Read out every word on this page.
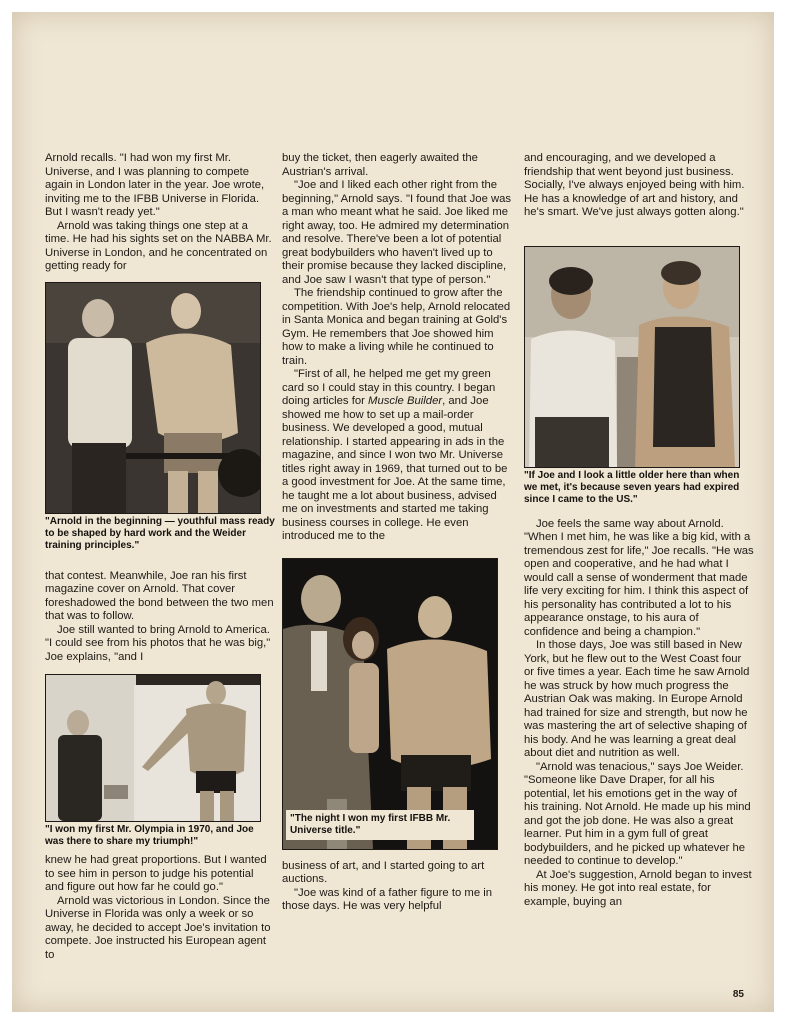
Arnold recalls. "I had won my first Mr. Universe, and I was planning to compete again in London later in the year. Joe wrote, inviting me to the IFBB Universe in Florida. But I wasn't ready yet."

Arnold was taking things one step at a time. He had his sights set on the NABBA Mr. Universe in London, and he concentrated on getting ready for

"Arnold in the beginning — youthful mass ready to be shaped by hard work and the Weider training principles."

that contest. Meanwhile, Joe ran his first magazine cover on Arnold. That cover foreshadowed the bond between the two men that was to follow.

Joe still wanted to bring Arnold to America. "I could see from his photos that he was big," Joe explains, "and I

"I won my first Mr. Olympia in 1970, and Joe was there to share my triumph!"

knew he had great proportions. But I wanted to see him in person to judge his potential and figure out how far he could go."

Arnold was victorious in London. Since the Universe in Florida was only a week or so away, he decided to accept Joe's invitation to compete. Joe instructed his European agent to

buy the ticket, then eagerly awaited the Austrian's arrival.

"Joe and I liked each other right from the beginning," Arnold says. "I found that Joe was a man who meant what he said. Joe liked me right away, too. He admired my determination and resolve. There've been a lot of potential great bodybuilders who haven't lived up to their promise because they lacked discipline, and Joe saw I wasn't that type of person."

The friendship continued to grow after the competition. With Joe's help, Arnold relocated in Santa Monica and began training at Gold's Gym. He remembers that Joe showed him how to make a living while he continued to train.

"First of all, he helped me get my green card so I could stay in this country. I began doing articles for Muscle Builder, and Joe showed me how to set up a mail-order business. We developed a good, mutual relationship. I started appearing in ads in the magazine, and since I won two Mr. Universe titles right away in 1969, that turned out to be a good investment for Joe. At the same time, he taught me a lot about business, advised me on investments and started me taking business courses in college. He even introduced me to the

"The night I won my first IFBB Mr. Universe title."

business of art, and I started going to art auctions.

"Joe was kind of a father figure to me in those days. He was very helpful

and encouraging, and we developed a friendship that went beyond just business. Socially, I've always enjoyed being with him. He has a knowledge of art and history, and he's smart. We've just always gotten along."

"If Joe and I look a little older here than when we met, it's because seven years had expired since I came to the US."

Joe feels the same way about Arnold. "When I met him, he was like a big kid, with a tremendous zest for life," Joe recalls. "He was open and cooperative, and he had what I would call a sense of wonderment that made life very exciting for him. I think this aspect of his personality has contributed a lot to his appearance onstage, to his aura of confidence and being a champion."

In those days, Joe was still based in New York, but he flew out to the West Coast four or five times a year. Each time he saw Arnold he was struck by how much progress the Austrian Oak was making. In Europe Arnold had trained for size and strength, but now he was mastering the art of selective shaping of his body. And he was learning a great deal about diet and nutrition as well.

"Arnold was tenacious," says Joe Weider. "Someone like Dave Draper, for all his potential, let his emotions get in the way of his training. Not Arnold. He made up his mind and got the job done. He was also a great learner. Put him in a gym full of great bodybuilders, and he picked up whatever he needed to continue to develop."

At Joe's suggestion, Arnold began to invest his money. He got into real estate, for example, buying an

85
